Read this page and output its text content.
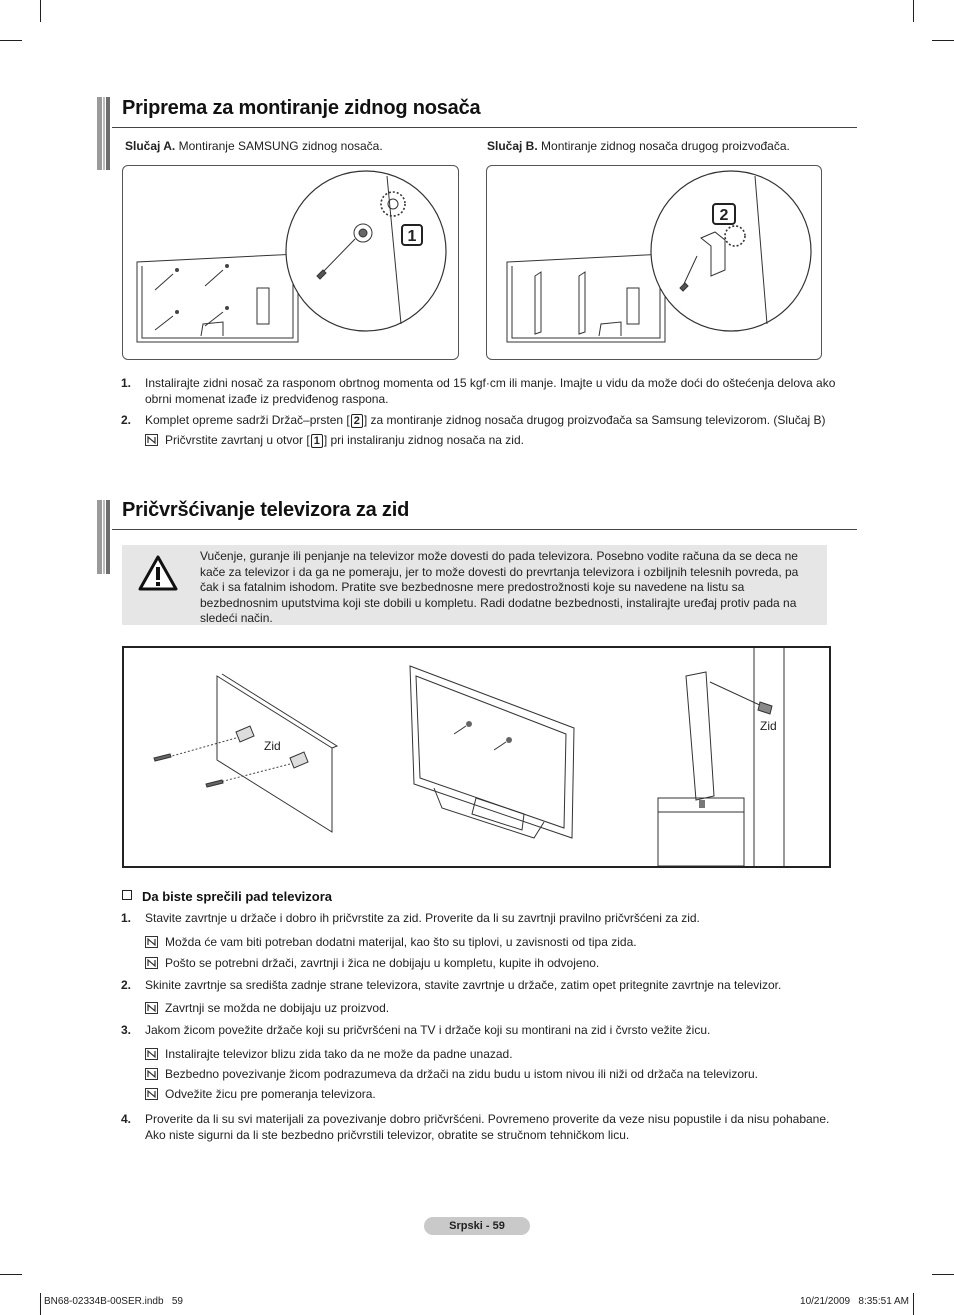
Priprema za montiranje zidnog nosača
Slučaj A. Montiranje SAMSUNG zidnog nosača.	Slučaj B. Montiranje zidnog nosača drugog proizvođača.
1
2
1. Instalirajte zidni nosač za rasponom obrtnog momenta od 15 kgf·cm ili manje. Imajte u vidu da može doći do oštećenja delova ako obrni momenat izađe iz predviđenog raspona.
2. Komplet opreme sadrži Držač–prsten [ 2 ] za montiranje zidnog nosača drugog proizvođača sa Samsung televizorom. (Slučaj B)
Pričvrstite zavrtanj u otvor [ 1 ] pri instaliranju zidnog nosača na zid.
Pričvršćivanje televizora za zid
Vučenje, guranje ili penjanje na televizor može dovesti do pada televizora. Posebno vodite računa da se deca ne kače za televizor i da ga ne pomeraju, jer to može dovesti do prevrtanja televizora i ozbiljnih telesnih povreda, pa čak i sa fatalnim ishodom. Pratite sve bezbednosne mere predostrožnosti koje su navedene na listu sa bezbednosnim uputstvima koji ste dobili u kompletu. Radi dodatne bezbednosti, instalirajte uređaj protiv pada na sledeći način.
Zid
Zid
Da biste sprečili pad televizora
1. Stavite zavrtnje u držače i dobro ih pričvrstite za zid. Proverite da li su zavrtnji pravilno pričvršćeni za zid.
Možda će vam biti potreban dodatni materijal, kao što su tiplovi, u zavisnosti od tipa zida.
Pošto se potrebni držači, zavrtnji i žica ne dobijaju u kompletu, kupite ih odvojeno.
2. Skinite zavrtnje sa središta zadnje strane televizora, stavite zavrtnje u držače, zatim opet pritegnite zavrtnje na televizor.
Zavrtnji se možda ne dobijaju uz proizvod.
3. Jakom žicom povežite držače koji su pričvršćeni na TV i držače koji su montirani na zid i čvrsto vežite žicu.
Instalirajte televizor blizu zida tako da ne može da padne unazad.
Bezbedno povezivanje žicom podrazumeva da držači na zidu budu u istom nivou ili niži od držača na televizoru.
Odvežite žicu pre pomeranja televizora.
4. Proverite da li su svi materijali za povezivanje dobro pričvršćeni. Povremeno proverite da veze nisu popustile i da nisu pohabane. Ako niste sigurni da li ste bezbedno pričvrstili televizor, obratite se stručnom tehničkom licu.
Srpski - 59
BN68-02334B-00SER.indb   59	10/21/2009   8:35:51 AM
